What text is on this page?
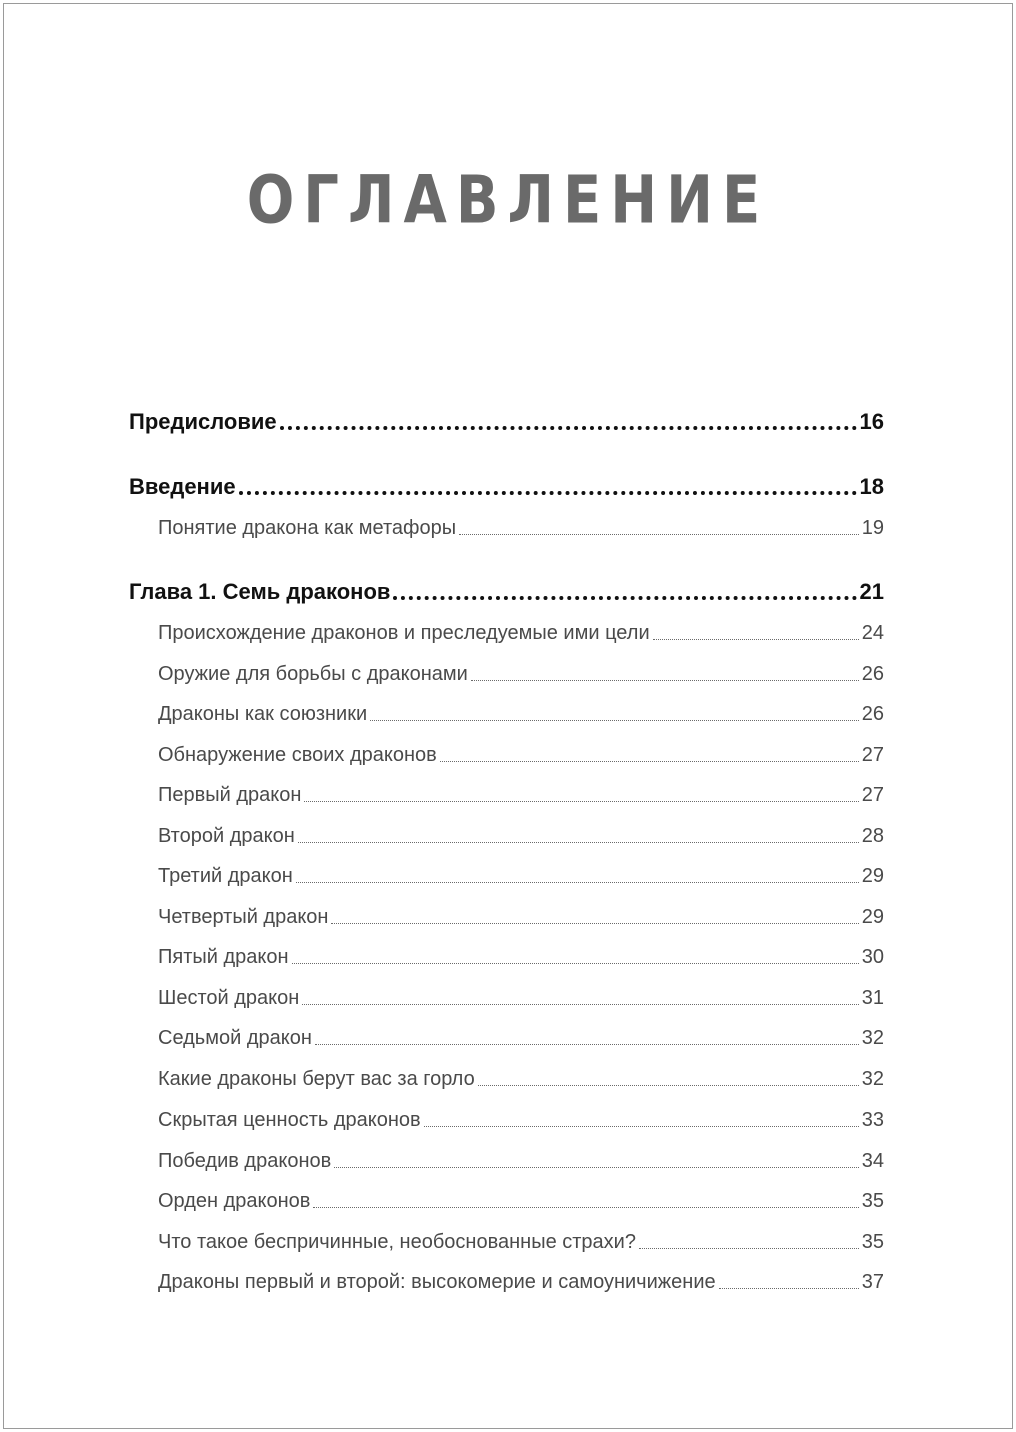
ОГЛАВЛЕНИЕ
Предисловие	16
Введение	18
Понятие дракона как метафоры	19
Глава 1. Семь драконов	21
Происхождение драконов и преследуемые ими цели	24
Оружие для борьбы с драконами	26
Драконы как союзники	26
Обнаружение своих драконов	27
Первый дракон	27
Второй дракон	28
Третий дракон	29
Четвертый дракон	29
Пятый дракон	30
Шестой дракон	31
Седьмой дракон	32
Какие драконы берут вас за горло	32
Скрытая ценность драконов	33
Победив драконов	34
Орден драконов	35
Что такое беспричинные, необоснованные страхи?	35
Драконы первый и второй: высокомерие и самоуничижение	37
